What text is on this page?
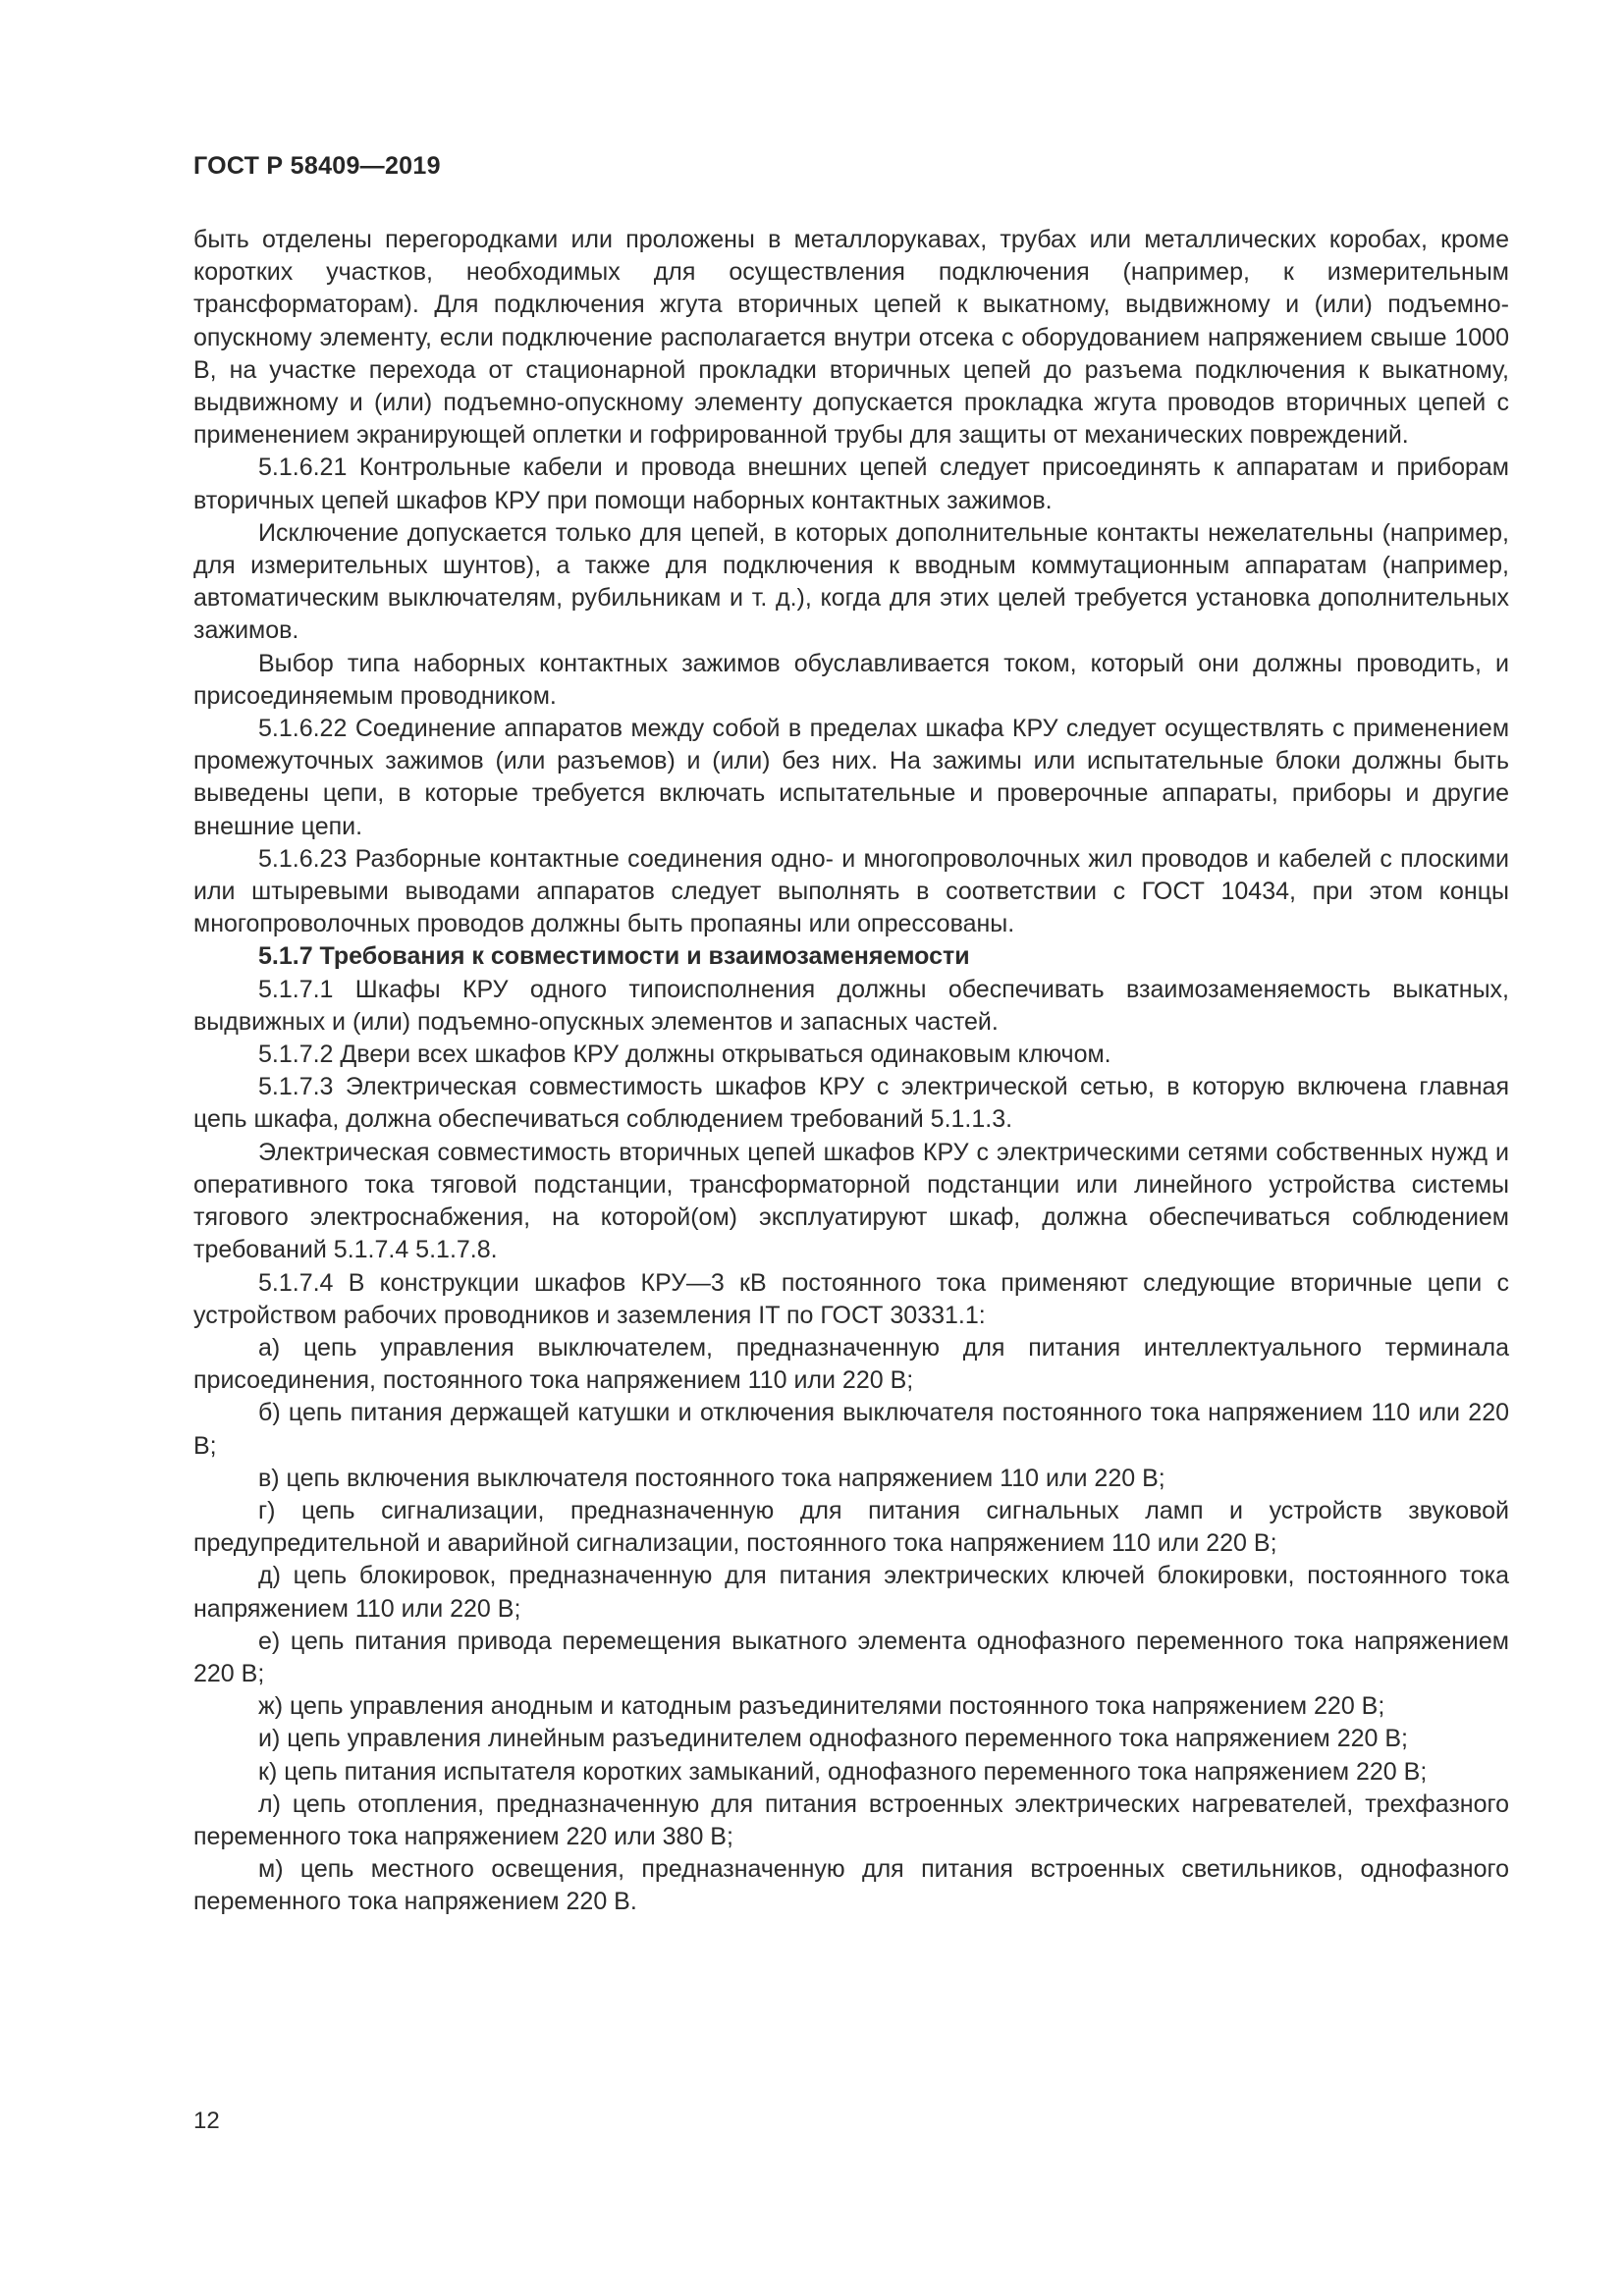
ГОСТ Р 58409—2019

быть отделены перегородками или проложены в металлорукавах, трубах или металлических коробах, кроме коротких участков, необходимых для осуществления подключения (например, к измерительным трансформаторам). Для подключения жгута вторичных цепей к выкатному, выдвижному и (или) подъемно-опускному элементу, если подключение располагается внутри отсека с оборудованием напряжением свыше 1000 В, на участке перехода от стационарной прокладки вторичных цепей до разъема подключения к выкатному, выдвижному и (или) подъемно-опускному элементу допускается прокладка жгута проводов вторичных цепей с применением экранирующей оплетки и гофрированной трубы для защиты от механических повреждений.

5.1.6.21 Контрольные кабели и провода внешних цепей следует присоединять к аппаратам и приборам вторичных цепей шкафов КРУ при помощи наборных контактных зажимов.

Исключение допускается только для цепей, в которых дополнительные контакты нежелательны (например, для измерительных шунтов), а также для подключения к вводным коммутационным аппаратам (например, автоматическим выключателям, рубильникам и т. д.), когда для этих целей требуется установка дополнительных зажимов.

Выбор типа наборных контактных зажимов обуславливается током, который они должны проводить, и присоединяемым проводником.

5.1.6.22 Соединение аппаратов между собой в пределах шкафа КРУ следует осуществлять с применением промежуточных зажимов (или разъемов) и (или) без них. На зажимы или испытательные блоки должны быть выведены цепи, в которые требуется включать испытательные и проверочные аппараты, приборы и другие внешние цепи.

5.1.6.23 Разборные контактные соединения одно- и многопроволочных жил проводов и кабелей с плоскими или штыревыми выводами аппаратов следует выполнять в соответствии с ГОСТ 10434, при этом концы многопроволочных проводов должны быть пропаяны или опрессованы.

5.1.7 Требования к совместимости и взаимозаменяемости

5.1.7.1 Шкафы КРУ одного типоисполнения должны обеспечивать взаимозаменяемость выкатных, выдвижных и (или) подъемно-опускных элементов и запасных частей.

5.1.7.2 Двери всех шкафов КРУ должны открываться одинаковым ключом.

5.1.7.3 Электрическая совместимость шкафов КРУ с электрической сетью, в которую включена главная цепь шкафа, должна обеспечиваться соблюдением требований 5.1.1.3.

Электрическая совместимость вторичных цепей шкафов КРУ с электрическими сетями собственных нужд и оперативного тока тяговой подстанции, трансформаторной подстанции или линейного устройства системы тягового электроснабжения, на которой(ом) эксплуатируют шкаф, должна обеспечиваться соблюдением требований 5.1.7.4 5.1.7.8.

5.1.7.4 В конструкции шкафов КРУ—3 кВ постоянного тока применяют следующие вторичные цепи с устройством рабочих проводников и заземления IT по ГОСТ 30331.1:

а) цепь управления выключателем, предназначенную для питания интеллектуального терминала присоединения, постоянного тока напряжением 110 или 220 В;

б) цепь питания держащей катушки и отключения выключателя постоянного тока напряжением 110 или 220 В;

в) цепь включения выключателя постоянного тока напряжением 110 или 220 В;

г) цепь сигнализации, предназначенную для питания сигнальных ламп и устройств звуковой предупредительной и аварийной сигнализации, постоянного тока напряжением 110 или 220 В;

д) цепь блокировок, предназначенную для питания электрических ключей блокировки, постоянного тока напряжением 110 или 220 В;

е) цепь питания привода перемещения выкатного элемента однофазного переменного тока напряжением 220 В;

ж) цепь управления анодным и катодным разъединителями постоянного тока напряжением 220 В;

и) цепь управления линейным разъединителем однофазного переменного тока напряжением 220 В;

к) цепь питания испытателя коротких замыканий, однофазного переменного тока напряжением 220 В;

л) цепь отопления, предназначенную для питания встроенных электрических нагревателей, трехфазного переменного тока напряжением 220 или 380 В;

м) цепь местного освещения, предназначенную для питания встроенных светильников, однофазного переменного тока напряжением 220 В.

12
